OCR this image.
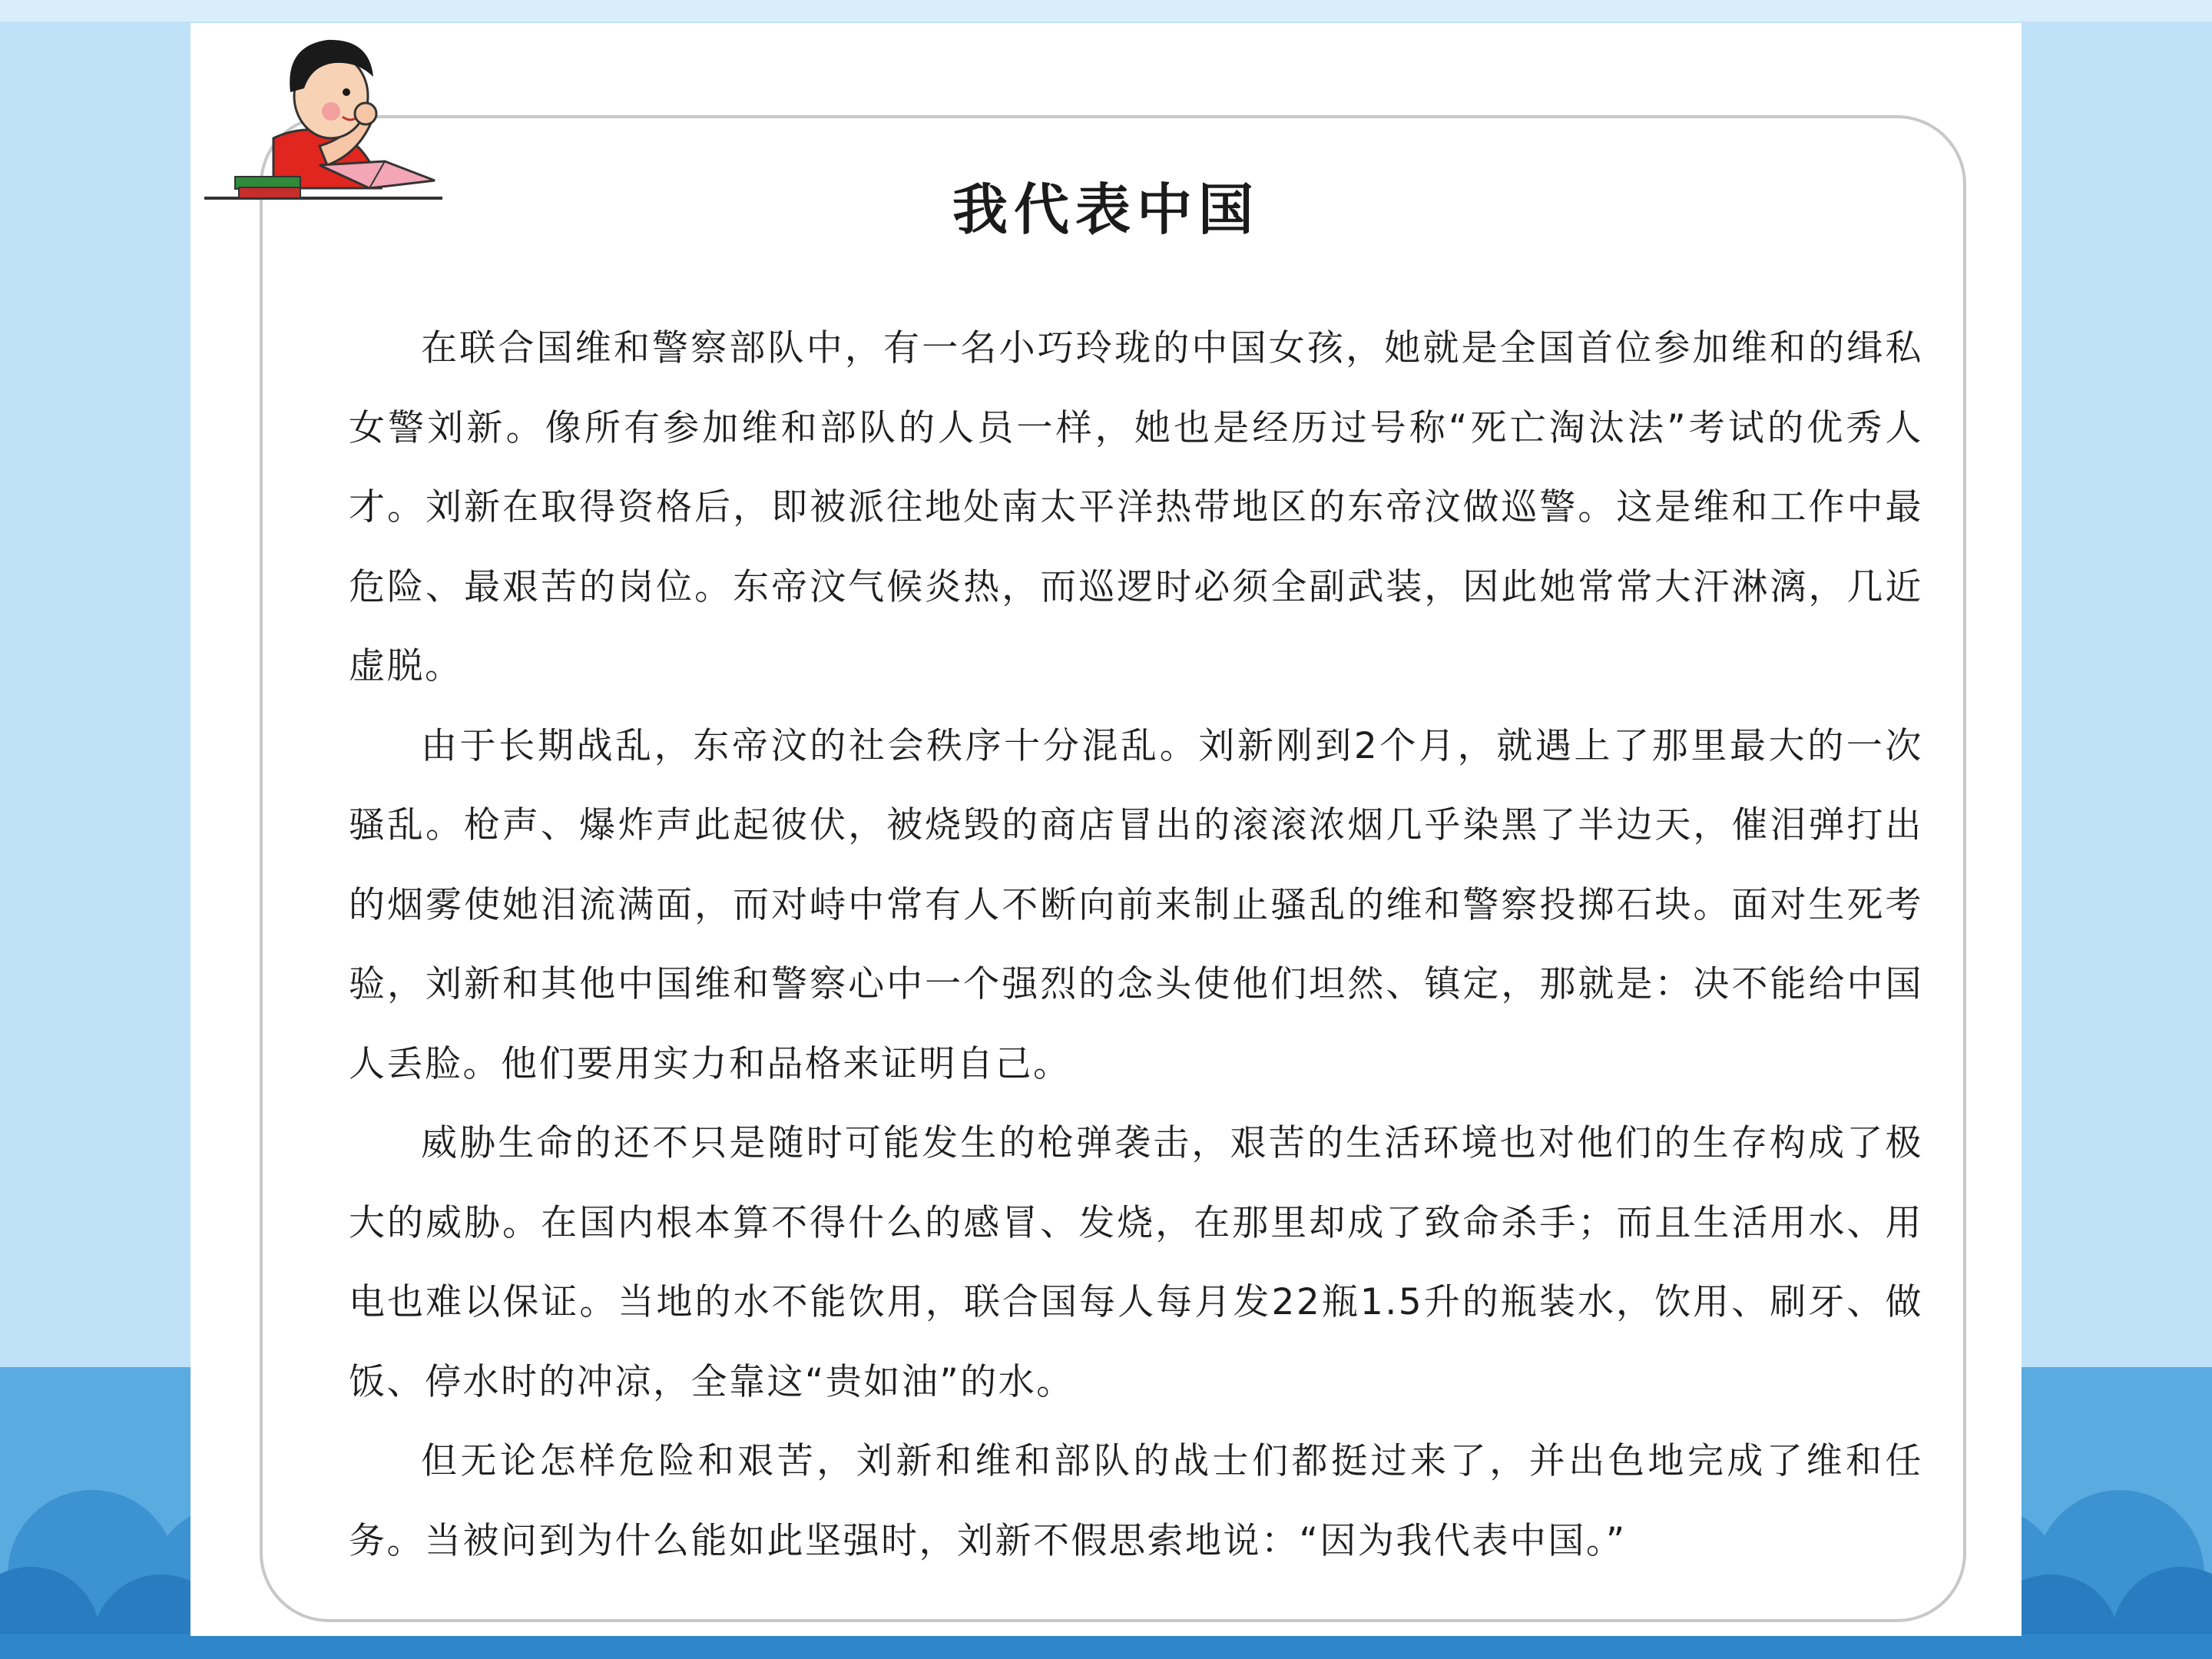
我代表中国

在联合国维和警察部队中，有一名小巧玲珑的中国女孩，她就是全国首位参加维和的缉私女警刘新。像所有参加维和部队的人员一样，她也是经历过号称“死亡淘汰法”考试的优秀人才。刘新在取得资格后，即被派往地处南太平洋热带地区的东帝汶做巡警。这是维和工作中最危险、最艰苦的岗位。东帝汶气候炎热，而巡逻时必须全副武装，因此她常常大汗淋漓，几近虚脱。

由于长期战乱，东帝汶的社会秩序十分混乱。刘新刚到2个月，就遇上了那里最大的一次骚乱。枪声、爆炸声此起彼伏，被烧毁的商店冒出的滚滚浓烟几乎染黑了半边天，催泪弹打出的烟雾使她泪流满面，而对峙中常有人不断向前来制止骚乱的维和警察投掷石块。面对生死考验，刘新和其他中国维和警察心中一个强烈的念头使他们坦然、镇定，那就是：决不能给中国人丢脸。他们要用实力和品格来证明自己。

威胁生命的还不只是随时可能发生的枪弹袭击，艰苦的生活环境也对他们的生存构成了极大的威胁。在国内根本算不得什么的感冒、发烧，在那里却成了致命杀手；而且生活用水、用电也难以保证。当地的水不能饮用，联合国每人每月发22瓶1.5升的瓶装水，饮用、刷牙、做饭、停水时的冲凉，全靠这“贵如油”的水。

但无论怎样危险和艰苦，刘新和维和部队的战士们都挺过来了，并出色地完成了维和任务。当被问到为什么能如此坚强时，刘新不假思索地说：“因为我代表中国。”
